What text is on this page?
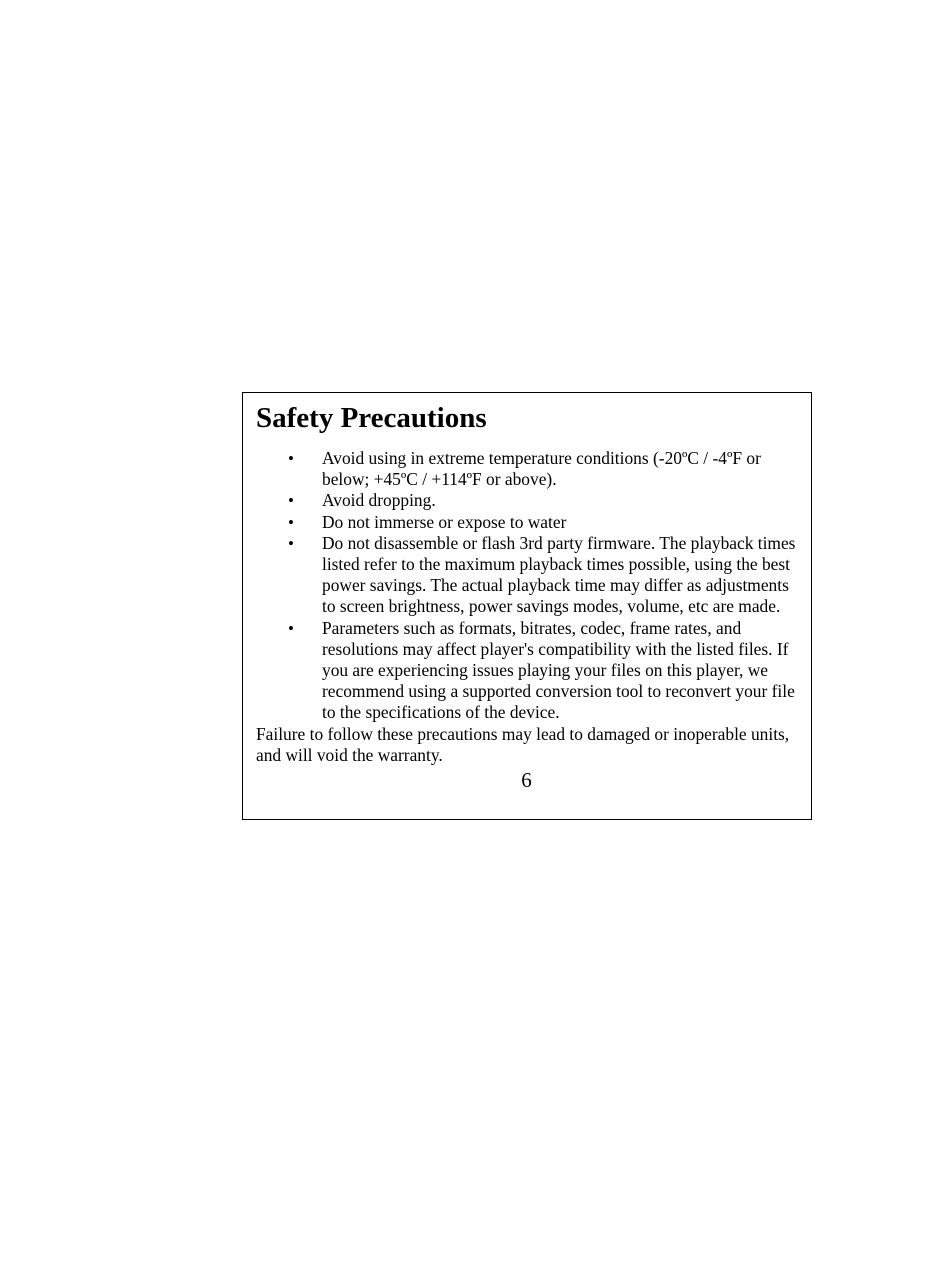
Safety Precautions
• Avoid using in extreme temperature conditions (-20ºC / -4ºF or below; +45ºC / +114ºF or above).
• Avoid dropping.
• Do not immerse or expose to water
• Do not disassemble or flash 3rd party firmware. The playback times listed refer to the maximum playback times possible, using the best power savings. The actual playback time may differ as adjustments to screen brightness, power savings modes, volume, etc are made.
• Parameters such as formats, bitrates, codec, frame rates, and resolutions may affect player's compatibility with the listed files. If you are experiencing issues playing your files on this player, we recommend using a supported conversion tool to reconvert your file to the specifications of the device.

Failure to follow these precautions may lead to damaged or inoperable units, and will void the warranty.

6
